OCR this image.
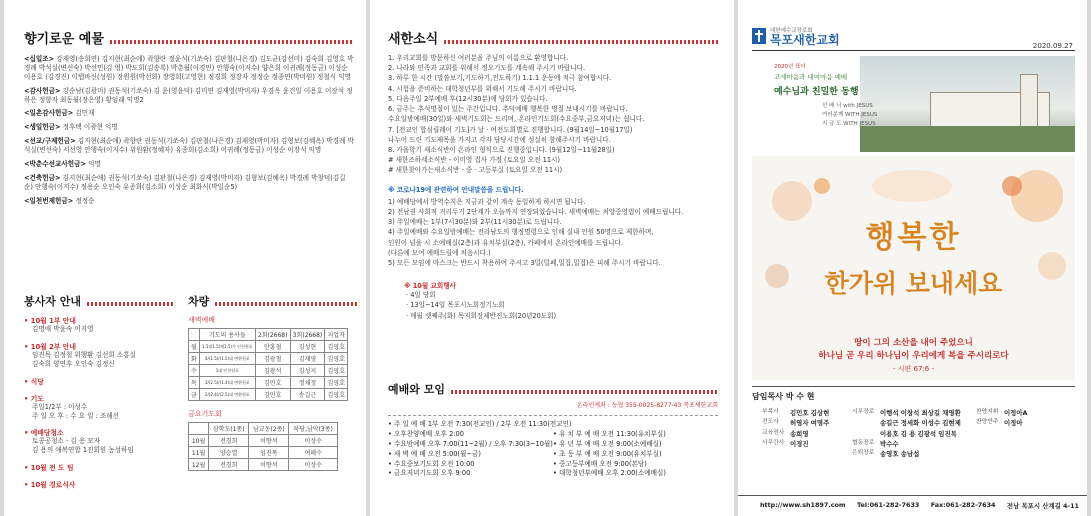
향기로운 예물
<십일조> 강재영(송희연) 김지현(최순애) 곽향란 정윤석(기쏘숙) 김판철(나은경) 김도균(강선미) 김숙희 김영호 박경례 박석실(변선숙) 박선민(김 영) 박도희(김송록) 박춘월(이경민) 안행숙(이지수) 양은희 이귀례(정동금) 이성순 이용호 (김경진) 이탭바신(성원) 장원원(박선화) 장영희(고영현) 정경희 정장자 정정순 정종연(박미원) 정철식 익명
<감사헌금> 강순남(김광미) 권동석(기쏘숙) 김 윤(영윤덕) 김미연 김재영(박미자) 우경옥 윤건일 이용호 이장석 정하은 정향자 최동월(장은영) 황임래 익명2
<일촌감사헌금> 김민재
<생일헌금> 정후택 이광현 익명
<선교/구제헌금> 김지현(최순애) 곽향란 권동석(기쏘숙) 김판철(나은경) 김재영(박미자) 김형보(김혜옥) 박경례 박석실(변선숙) 서선영 안행숙(이지수) 위원환(정혜자) 유종희(김소희) 이귀례(정동금) 이성순 이장석 익명
<박춘수선교사헌금> 익명
<건축헌금> 김지현(최순애) 권동석(기쏘숙) 김판철(나은경) 김재영(박미자) 김형보(김혜옥) 박경례 박창덕(김길순) 안행숙(이지수) 정용순 오인숙 유종희(김소희) 이성순 최화식(박일순5)
<일천번제헌금> 정정순
봉사자 안내
• 10월 1부 안내
김명애 박윤숙 이지영
• 10월 2부 안내
임진목 김정철 위행환 김선희 소홍실
김숙희 양연후 오인숙 김정신
• 식당
• 기도
주일1/2부 : 이성수
주 일 오 후 : 수 요 일 : 조해선
• 예배당청소
토콩공청소 - 김 용 모자
김 용의 애복연합 1진회원 농성하임
• 10월 전 도 팀
• 10월 경로식사
차량
새벽예배
	기도의 용사들	2회(2668)	3회(2668)	지업자
월	1.5대1.5(제1.5)가 인천원포	안홍철	김성현	김영호
화	4/(1.5)/(1.5)대 변환원포	김광철	김재영	김영호
수	1대 인천원포	김광석	김성지	김영호
목	3/(2.5)/(1.4)대 변환원포	김민호	정채정	김영호
금	2/(2.4)/(2.5)대 변환원포	김민호	송길근	김영호
금요기도회
	삼학도(1종)	남교동(2종)	하당,남악(3종)
10월	전경희	이향석	이성수
11월	양승열	임진목	여해수
12월	전경희	이향석	이성수
새한소식
1. 우리교회를 방문하신 여러분을 주님의 이름으로 환영합니다.
2. 나라와 민족과 교회를 위해서 정오기도를 계속해 주시기 바랍니다.
3. 하루 한 시간 (말씀보기,기도하기,전도하기) 1.1.1 운동에 적극 참여합시다.
4. 시험을 준비하는 대학청년부를 위해서 기도해 주시기 바랍니다.
5. 다음주일 2부예배 후(12시30분)에 당회가 있습니다.
6. 금주는 추석명절이 있는 주간입니다. 추덕예배 행복한 명절 보내시기를 바랍니다.
수요일밤예배(30일)와 새벽기도회는 드리며, 온라인기도회(수요중부,금요저녁)는 쉽니다.
7. [전교인 합심릴레이 기도]가 날 · 여전도회별로 진행합니다. (9월14일~10월17일)
나누어 드린 기도제목을 가지고 각자 담당시간에 성실히 참해주시기 바랍니다.
8. 가을학기 새소식반이 온라인 형식으로 진행중입니다. (9월12일~11월28일)
# 새한즈하세소식반 - 이미영 집사 가정 (토요일 오전 11시)
# 새한찾아가는새소식반 - 중 · 고등부실 (토요일 오전 11시)
※ 코로나19에 관련하여 안내말씀을 드립니다.
1) 예배당에서 방역수칙은 지금과 같이 계속 동일하게 하시면 됩니다.
2) 전남권 사회적 거리두기 2단계가 오늘까지 연장되었습니다. 새벽예배는 처앙중영법이 예배드립니다.
3) 주일예배는 1부(7시30분)와 2부(11시30분)로 드립니다.
4) 주일예배와 수요일밤예배는 전라남도의 행정명령으로 인해 실내 인원 50명으로 제한하며,
인원이 넘을 시 소예배실(2층)과 유치부실(2층), 카페에서 온라인예배를 드립니다.
(다른예 모여 예배드릴에 처음시다.)
5) 모든 모임에 마스크는 반드시 착용하여 주시고 3밀(밀폐,밀집,밀접)은 피해 주시기 바랍니다.
※ 10월 교회행사
· 4일 당회
· 13일~14일 목포시노회정기노회
· 매월 셋째주(화) 목지회장제반진노회(20년20도회)
예배와 모임
온라인계좌 : 농협 355-0025-8277-43 목포새한교회
• 주 일 예 배 1부 오전 7:30(전교인) / 2부 오전 11:30(전교인)
• 오후찬양예배 오후 2:00	• 유 치 부 예 배 오전 11:30(유치부실)
• 수요밤예배 오후 7:00(11~2월) / 오후 7:30(3~10월) • 유 년 부 예 배 오전 9:00(소예배실)
• 새 벽 예 배 오전 5:00(월~금)	• 초 등 부 예 배 오전 9:00(유치부실)
• 수요중보기도회 오전 10:00	• 중고등부예배 오전 9:00(본당)
• 금요저녁기도회 오후 9:00	• 대학청년부예배 오후 2:00(소예배실)
대한예수교장로회
목포새한교회	2020.09.27
2020년 표어
고세마음과 대여마음 예배
예수님과 친밀한 동행
선 배 너 with JESUS
여러분께 WITH JESUS
지 금 도 WITH JESUS
행복한
한가위 보내세요
땅이 그의 소산을 내어 주었으니
하나님 곧 우리 하나님이 우리에게 복을 주시리로다
- 시편 67:6 -
담임목사 박 수 현
부목사	김민호 김상현	시무장로 이행석 이창석 최상길 채영환	찬양지휘 이정아A
전도사	허영자 여명주	송길근 정세화 이성수 김현제	찬양반주 이정아
교육전사 송희영	이용호 김 용 김광석 임진목
사무간사 이경진	협동장로 박수수
은퇴장로 송영호 송남섭
http://www.sh1897.com Tel:061-282-7633 Fax:061-282-7634 전남 목포시 산계길 4-11
